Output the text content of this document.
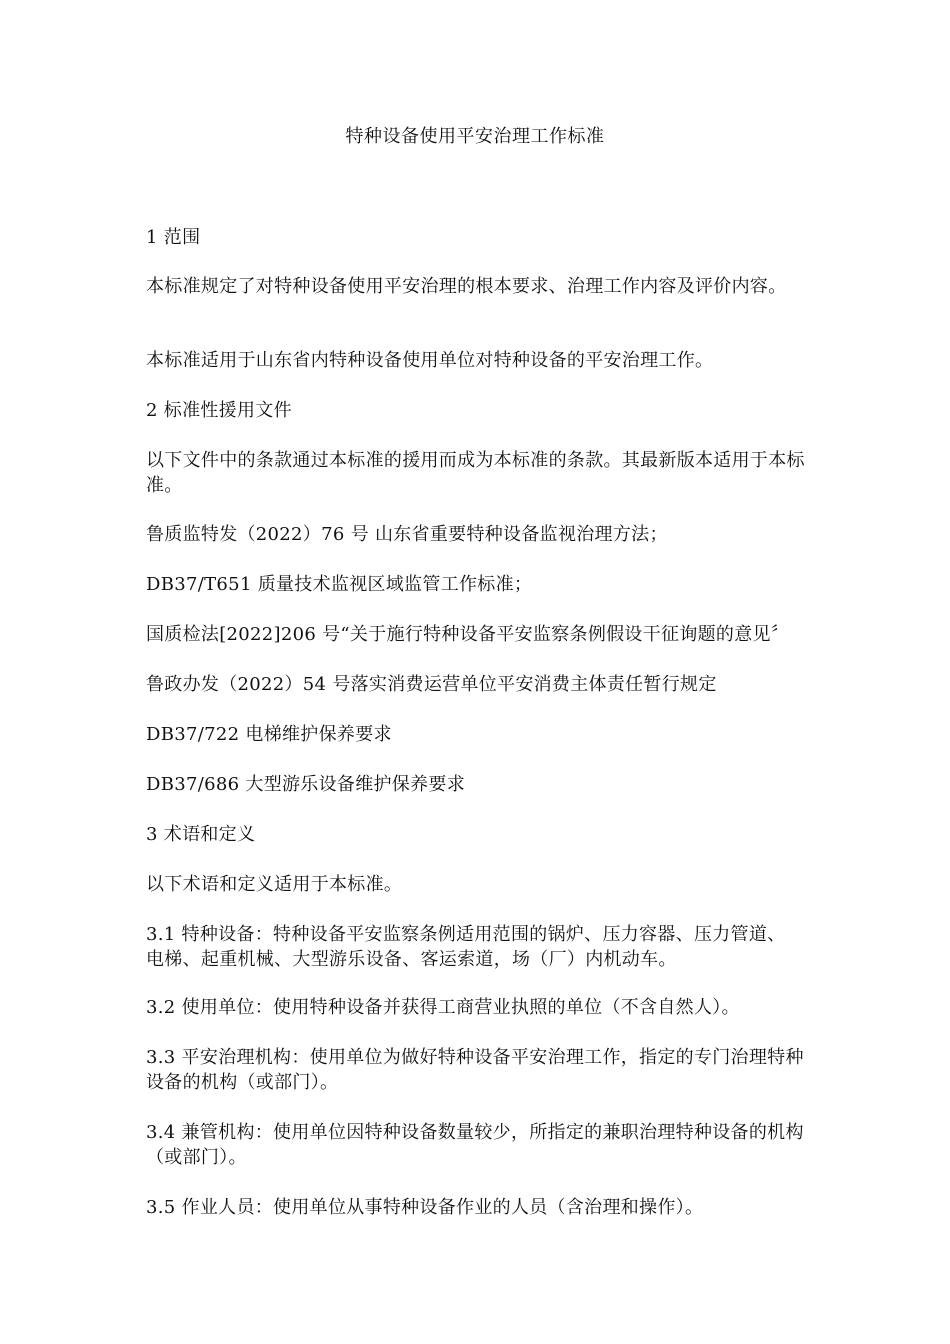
特种设备使用平安治理工作标准
1 范围
本标准规定了对特种设备使用平安治理的根本要求、治理工作内容及评价内容。
本标准适用于山东省内特种设备使用单位对特种设备的平安治理工作。
2 标准性援用文件
以下文件中的条款通过本标准的援用而成为本标准的条款。其最新版本适用于本标准。
鲁质监特发（2022）76 号 山东省重要特种设备监视治理方法；
DB37/T651 质量技术监视区域监管工作标准；
国质检法[2022]206 号“关于施行特种设备平安监察条例假设干征询题的意见〞
鲁政办发（2022）54 号落实消费运营单位平安消费主体责任暂行规定
DB37/722 电梯维护保养要求
DB37/686 大型游乐设备维护保养要求
3 术语和定义
以下术语和定义适用于本标准。
3.1 特种设备：特种设备平安监察条例适用范围的锅炉、压力容器、压力管道、电梯、起重机械、大型游乐设备、客运索道，场（厂）内机动车。
3.2 使用单位：使用特种设备并获得工商营业执照的单位（不含自然人）。
3.3 平安治理机构：使用单位为做好特种设备平安治理工作，指定的专门治理特种设备的机构（或部门）。
3.4 兼管机构：使用单位因特种设备数量较少，所指定的兼职治理特种设备的机构（或部门）。
3.5 作业人员：使用单位从事特种设备作业的人员（含治理和操作）。
